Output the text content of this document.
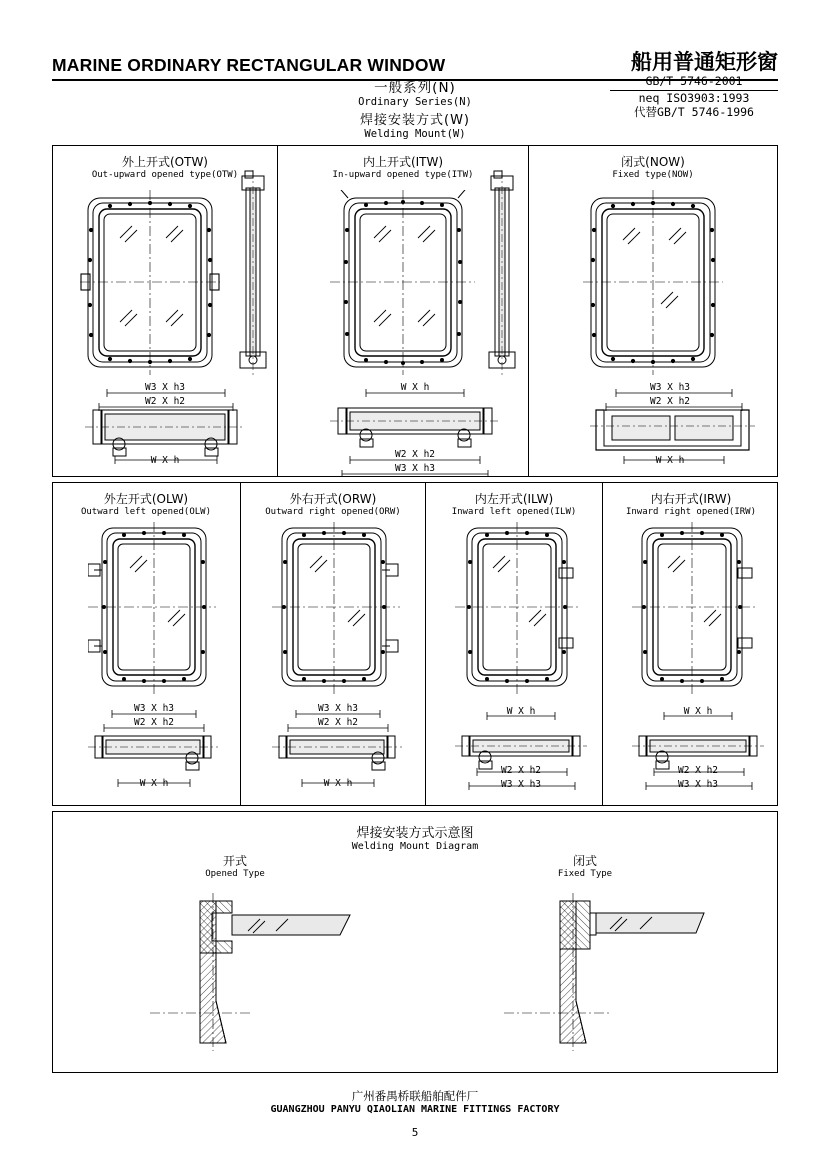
MARINE ORDINARY RECTANGULAR WINDOW	船用普通矩形窗
GB/T 5746-2001
neq ISO3903:1993
代替GB/T 5746-1996
一般系列(N)
Ordinary Series(N)
焊接安装方式(W)
Welding Mount(W)
外上开式(OTW)
Out-upward opened type(OTW)
内上开式(ITW)
In-upward opened type(ITW)
闭式(NOW)
Fixed type(NOW)
W3 X h3
W2 X h2
W X h
W X h
W2 X h2
W3 X h3
W3 X h3
W2 X h2
W X h
外左开式(OLW)
Outward left opened(OLW)
外右开式(ORW)
Outward right opened(ORW)
内左开式(ILW)
Inward left opened(ILW)
内右开式(IRW)
Inward right opened(IRW)
W3 X h3
W2 X h2
W X h
W3 X h3
W2 X h2
W X h
W X h
W2 X h2
W3 X h3
W X h
W2 X h2
W3 X h3
焊接安装方式示意图
Welding Mount Diagram
开式
Opened Type
闭式
Fixed Type
广州番禺桥联船舶配件厂
GUANGZHOU PANYU QIAOLIAN MARINE FITTINGS FACTORY
5
